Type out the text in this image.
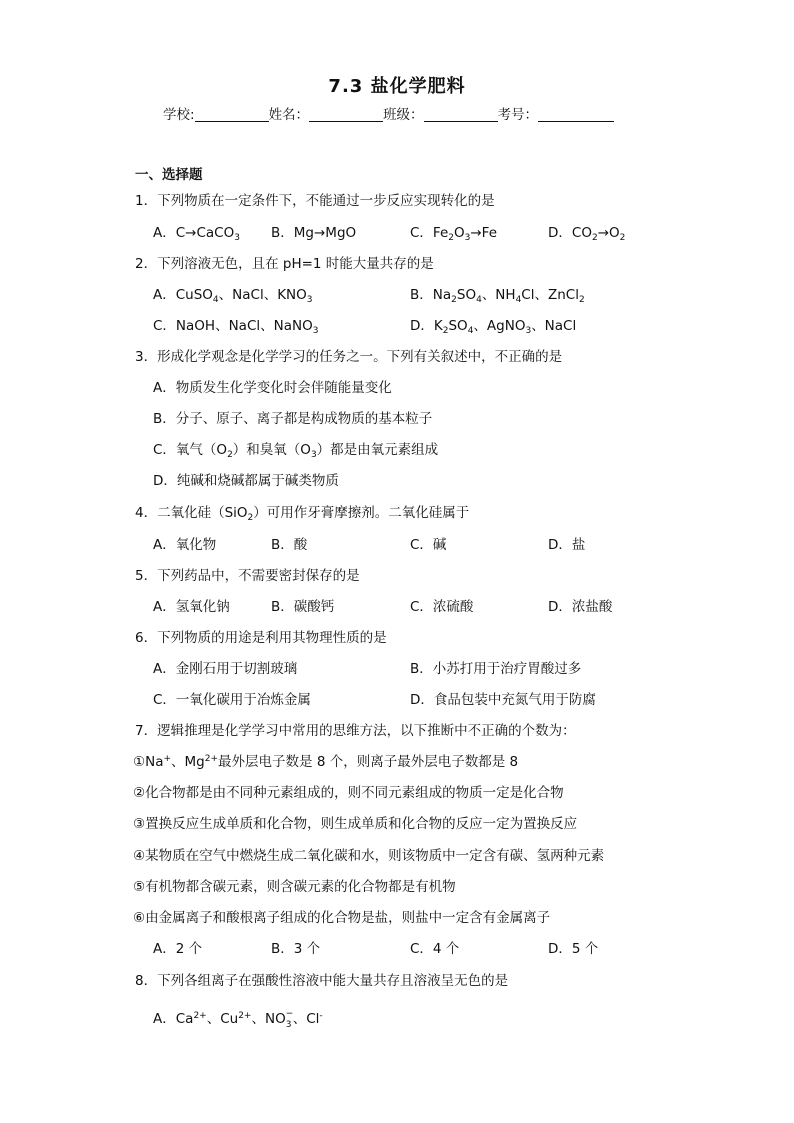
7.3 盐化学肥料
学校:	姓名：	班级：	考号：
一、选择题
1．下列物质在一定条件下，不能通过一步反应实现转化的是
A．C→CaCO$_3$ B．Mg→MgO	C．$Fe_2O_3\to Fe$	D．$CO_2\to O_2$
2．下列溶液无色，且在 pH=1 时能大量共存的是
A．CuSO$_4$、NaCl、$KNO_3$	B．$Na_2SO_4$、$NH_4Cl$、ZnCl$_2$
C．NaOH、NaCl、NaNO$_3$	D．$K_2SO_4$、AgNO$_3$、NaCl
3．形成化学观念是化学学习的任务之一。下列有关叙述中，不正确的是
A．物质发生化学变化时会伴随能量变化
B．分子、原子、离子都是构成物质的基本粒子
C．氧气$(O_2)$和臭氧$(O_3)$都是由氧元素组成
D．纯碱和烧碱都属于碱类物质
4．二氧化硅（SiO$_2$）可用作牙膏摩擦剂。二氧化硅属于
A．氧化物	B．酸	C．碱	D．盐
5．下列药品中，不需要密封保存的是
A．氢氧化钠	B．碳酸钙	C．浓硫酸	D．浓盐酸
6．下列物质的用途是利用其物理性质的是
A．金刚石用于切割玻璃	B．小苏打用于治疗胃酸过多
C．一氧化碳用于冶炼金属	D．食品包装中充氮气用于防腐
7．逻辑推理是化学学习中常用的思维方法，以下推断中不正确的个数为：
①Na+、$Mg^{2+}$最外层电子数是 8 个，则离子最外层电子数都是 8
②化合物都是由不同种元素组成的，则不同元素组成的物质一定是化合物
③置换反应生成单质和化合物，则生成单质和化合物的反应一定为置换反应
④某物质在空气中燃烧生成二氧化碳和水，则该物质中一定含有碳、氢两种元素
⑤有机物都含碳元素，则含碳元素的化合物都是有机物
⑥由金属离子和酸根离子组成的化合物是盐，则盐中一定含有金属离子
A．2 个	B．3 个	C．4 个	D．5 个
8．下列各组离子在强酸性溶液中能大量共存且溶液呈无色的是
A．$Ca^{2+}$、$Cu^{2+}$、NO −
3 、Cl-
